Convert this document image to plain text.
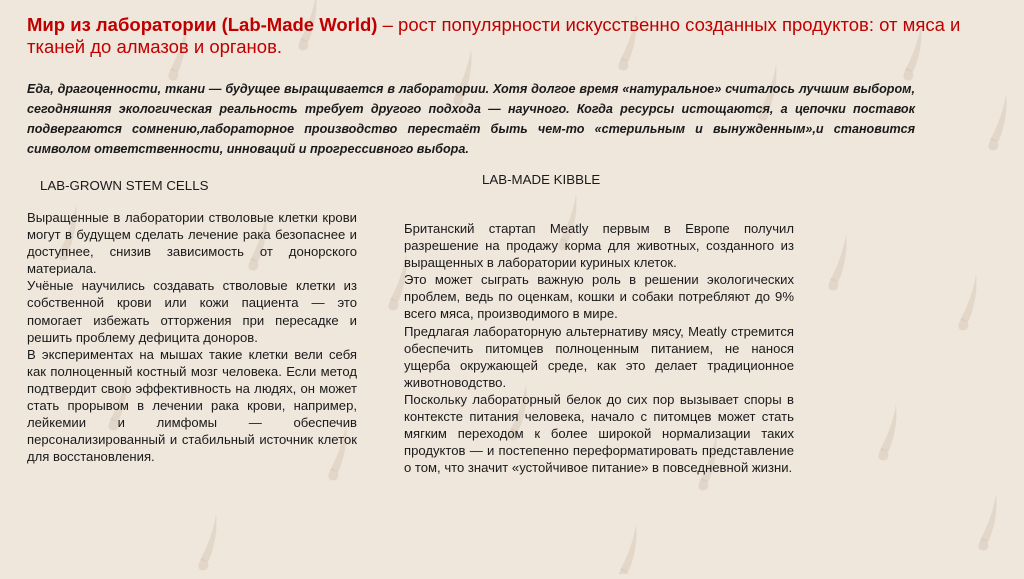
Мир из лаборатории (Lab-Made World) – рост популярности искусственно созданных продуктов: от мяса и тканей до алмазов и органов.
Еда, драгоценности, ткани — будущее выращивается в лаборатории. Хотя долгое время «натуральное» считалось лучшим выбором, сегодняшняя экологическая реальность требует другого подхода — научного. Когда ресурсы истощаются, а цепочки поставок подвергаются сомнению,лабораторное производство перестаёт быть чем-то «стерильным и вынужденным»,и становится символом ответственности, инноваций и прогрессивного выбора.
LAB-GROWN STEM CELLS	LAB-MADE KIBBLE

Выращенные в лаборатории стволовые клетки крови могут в будущем сделать лечение рака безопаснее и доступнее, снизив зависимость от донорского материала.

Учёные научились создавать стволовые клетки из собственной крови или кожи пациента — это помогает избежать отторжения при пересадке и решить проблему дефицита доноров.

В экспериментах на мышах такие клетки вели себя как полноценный костный мозг человека. Если метод подтвердит свою эффективность на людях, он может стать прорывом в лечении рака крови, например, лейкемии и лимфомы — обеспечив персонализированный и стабильный источник клеток для восстановления.

Британский стартап Meatly первым в Европе получил разрешение на продажу корма для животных, созданного из выращенных в лаборатории куриных клеток.

Это может сыграть важную роль в решении экологических проблем, ведь по оценкам, кошки и собаки потребляют до 9% всего мяса, производимого в мире.

Предлагая лабораторную альтернативу мясу, Meatly стремится обеспечить питомцев полноценным питанием, не нанося ущерба окружающей среде, как это делает традиционное животноводство.

Поскольку лабораторный белок до сих пор вызывает споры в контексте питания человека, начало с питомцев может стать мягким переходом к более широкой нормализации таких продуктов — и постепенно переформатировать представление о том, что значит «устойчивое питание» в повседневной жизни.
